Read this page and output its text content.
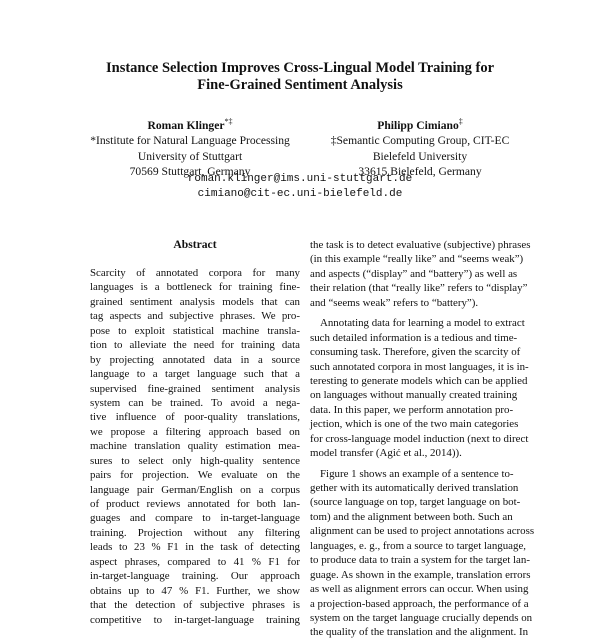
Instance Selection Improves Cross-Lingual Model Training for
Fine-Grained Sentiment Analysis
Roman Klinger*‡
*Institute for Natural Language Processing
University of Stuttgart
70569 Stuttgart, Germany
Philipp Cimiano‡
‡Semantic Computing Group, CIT-EC
Bielefeld University
33615 Bielefeld, Germany
roman.klinger@ims.uni-stuttgart.de
cimiano@cit-ec.uni-bielefeld.de
Abstract
Scarcity of annotated corpora for many
languages is a bottleneck for training fine-
grained sentiment analysis models that can
tag aspects and subjective phrases. We pro-
pose to exploit statistical machine transla-
tion to alleviate the need for training data
by projecting annotated data in a source
language to a target language such that a
supervised fine-grained sentiment analysis
system can be trained. To avoid a nega-
tive influence of poor-quality translations,
we propose a filtering approach based on
machine translation quality estimation mea-
sures to select only high-quality sentence
pairs for projection. We evaluate on the
language pair German/English on a corpus
of product reviews annotated for both lan-
guages and compare to in-target-language
training. Projection without any filtering
leads to 23 % F1 in the task of detecting
aspect phrases, compared to 41 % F1 for
in-target-language training. Our approach
obtains up to 47 % F1. Further, we show
that the detection of subjective phrases is
competitive to in-target-language training
the task is to detect evaluative (subjective) phrases
(in this example “really like” and “seems weak”)
and aspects (“display” and “battery”) as well as
their relation (that “really like” refers to “display”
and “seems weak” refers to “battery”).
Annotating data for learning a model to extract
such detailed information is a tedious and time-
consuming task. Therefore, given the scarcity of
such annotated corpora in most languages, it is in-
teresting to generate models which can be applied
on languages without manually created training
data. In this paper, we perform annotation pro-
jection, which is one of the two main categories
for cross-language model induction (next to direct
model transfer (Agić et al., 2014)).
Figure 1 shows an example of a sentence to-
gether with its automatically derived translation
(source language on top, target language on bot-
tom) and the alignment between both. Such an
alignment can be used to project annotations across
languages, e. g., from a source to target language,
to produce data to train a system for the target lan-
guage. As shown in the example, translation errors
as well as alignment errors can occur. When using
a projection-based approach, the performance of a
system on the target language crucially depends on
the quality of the translation and the alignment. In
